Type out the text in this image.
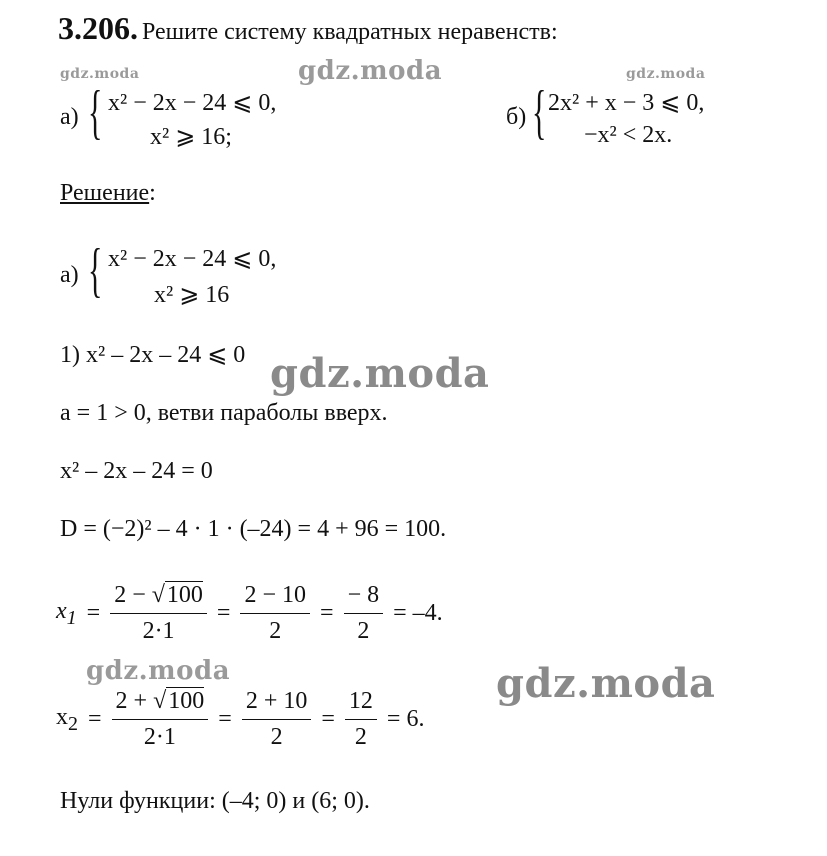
3.206. Решите систему квадратных неравенств:
gdz.moda	gdz.moda	gdz.moda
а) { x² − 2x − 24 ⩽ 0,
x² ⩾ 16;
б) { 2x² + x − 3 ⩽ 0,
−x² < 2x.
Решение:
а) { x² − 2x − 24 ⩽ 0,
x² ⩾ 16
1) x² – 2x – 24 ⩽ 0 gdz.moda
a = 1 > 0, ветви параболы вверх.
x² – 2x – 24 = 0
D = (−2)² – 4 · 1 · (–24) = 4 + 96 = 100.
$x_1 = \frac{2 - √100}{2\cdot 1} = \frac{2 - 10}{2} = \frac{- 8}{2} = -4$.
gdz.moda	gdz.moda
$x_2 = \frac{2 + √100}{2\cdot 1} = \frac{2 + 10}{2} = \frac{12}{2} = 6$.
Нули функции: (–4; 0) и (6; 0).
